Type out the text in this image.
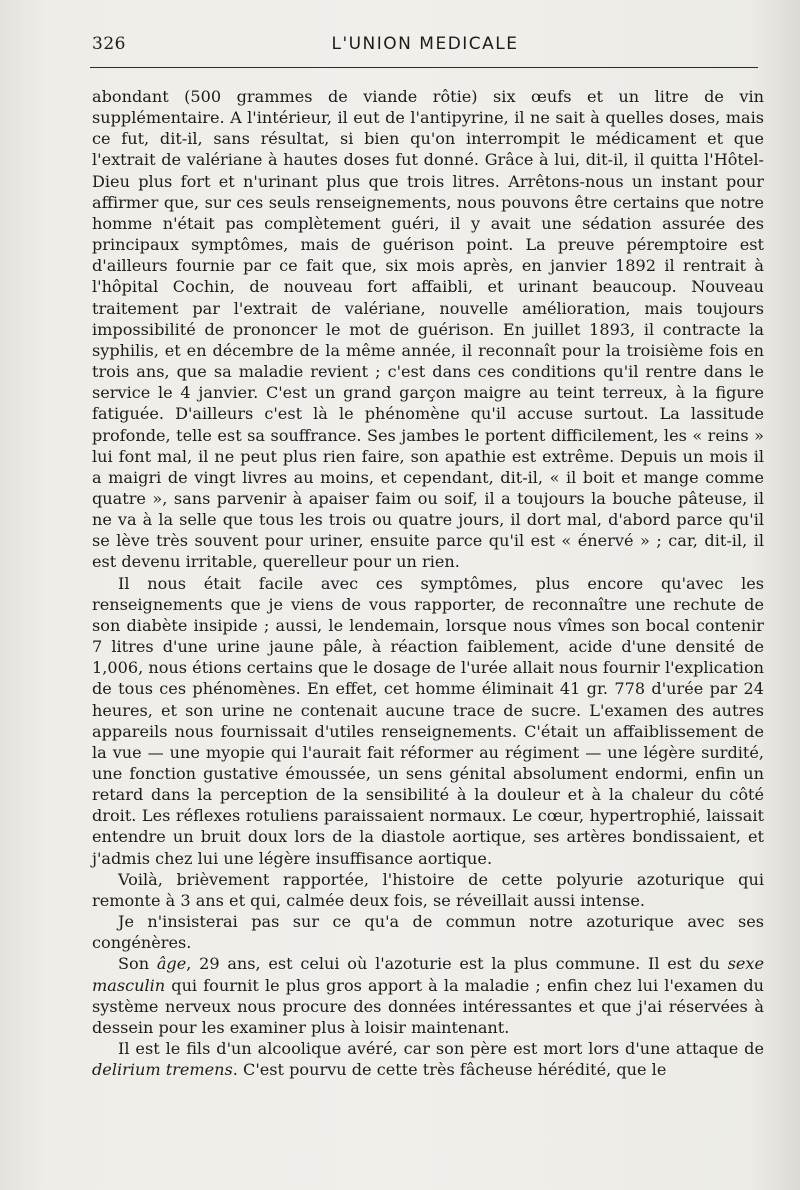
326	L'UNION MEDICALE

abondant (500 grammes de viande rôtie) six œufs et un litre de vin supplémentaire. A l'intérieur, il eut de l'antipyrine, il ne sait à quelles doses, mais ce fut, dit-il, sans résultat, si bien qu'on interrompit le médicament et que l'extrait de valériane à hautes doses fut donné. Grâce à lui, dit-il, il quitta l'Hôtel-Dieu plus fort et n'urinant plus que trois litres. Arrêtons-nous un instant pour affirmer que, sur ces seuls renseignements, nous pouvons être certains que notre homme n'était pas complètement guéri, il y avait une sédation assurée des principaux symptômes, mais de guérison point. La preuve péremptoire est d'ailleurs fournie par ce fait que, six mois après, en janvier 1892 il rentrait à l'hôpital Cochin, de nouveau fort affaibli, et urinant beaucoup. Nouveau traitement par l'extrait de valériane, nouvelle amélioration, mais toujours impossibilité de prononcer le mot de guérison. En juillet 1893, il contracte la syphilis, et en décembre de la même année, il reconnaît pour la troisième fois en trois ans, que sa maladie revient ; c'est dans ces conditions qu'il rentre dans le service le 4 janvier. C'est un grand garçon maigre au teint terreux, à la figure fatiguée. D'ailleurs c'est là le phénomène qu'il accuse surtout. La lassitude profonde, telle est sa souffrance. Ses jambes le portent difficilement, les « reins » lui font mal, il ne peut plus rien faire, son apathie est extrême. Depuis un mois il a maigri de vingt livres au moins, et cependant, dit-il, « il boit et mange comme quatre », sans parvenir à apaiser faim ou soif, il a toujours la bouche pâteuse, il ne va à la selle que tous les trois ou quatre jours, il dort mal, d'abord parce qu'il se lève très souvent pour uriner, ensuite parce qu'il est « énervé » ; car, dit-il, il est devenu irritable, querelleur pour un rien.

Il nous était facile avec ces symptômes, plus encore qu'avec les renseignements que je viens de vous rapporter, de reconnaître une rechute de son diabète insipide ; aussi, le lendemain, lorsque nous vîmes son bocal contenir 7 litres d'une urine jaune pâle, à réaction faiblement, acide d'une densité de 1,006, nous étions certains que le dosage de l'urée allait nous fournir l'explication de tous ces phénomènes. En effet, cet homme éliminait 41 gr. 778 d'urée par 24 heures, et son urine ne contenait aucune trace de sucre. L'examen des autres appareils nous fournissait d'utiles renseignements. C'était un affaiblissement de la vue — une myopie qui l'aurait fait réformer au régiment — une légère surdité, une fonction gustative émoussée, un sens génital absolument endormi, enfin un retard dans la perception de la sensibilité à la douleur et à la chaleur du côté droit. Les réflexes rotuliens paraissaient normaux. Le cœur, hypertrophié, laissait entendre un bruit doux lors de la diastole aortique, ses artères bondissaient, et j'admis chez lui une légère insuffisance aortique.

Voilà, brièvement rapportée, l'histoire de cette polyurie azoturique qui remonte à 3 ans et qui, calmée deux fois, se réveillait aussi intense.

Je n'insisterai pas sur ce qu'a de commun notre azoturique avec ses congénères.

Son âge, 29 ans, est celui où l'azoturie est la plus commune. Il est du sexe masculin qui fournit le plus gros apport à la maladie ; enfin chez lui l'examen du système nerveux nous procure des données intéressantes et que j'ai réservées à dessein pour les examiner plus à loisir maintenant.

Il est le fils d'un alcoolique avéré, car son père est mort lors d'une attaque de delirium tremens. C'est pourvu de cette très fâcheuse hérédité, que le
